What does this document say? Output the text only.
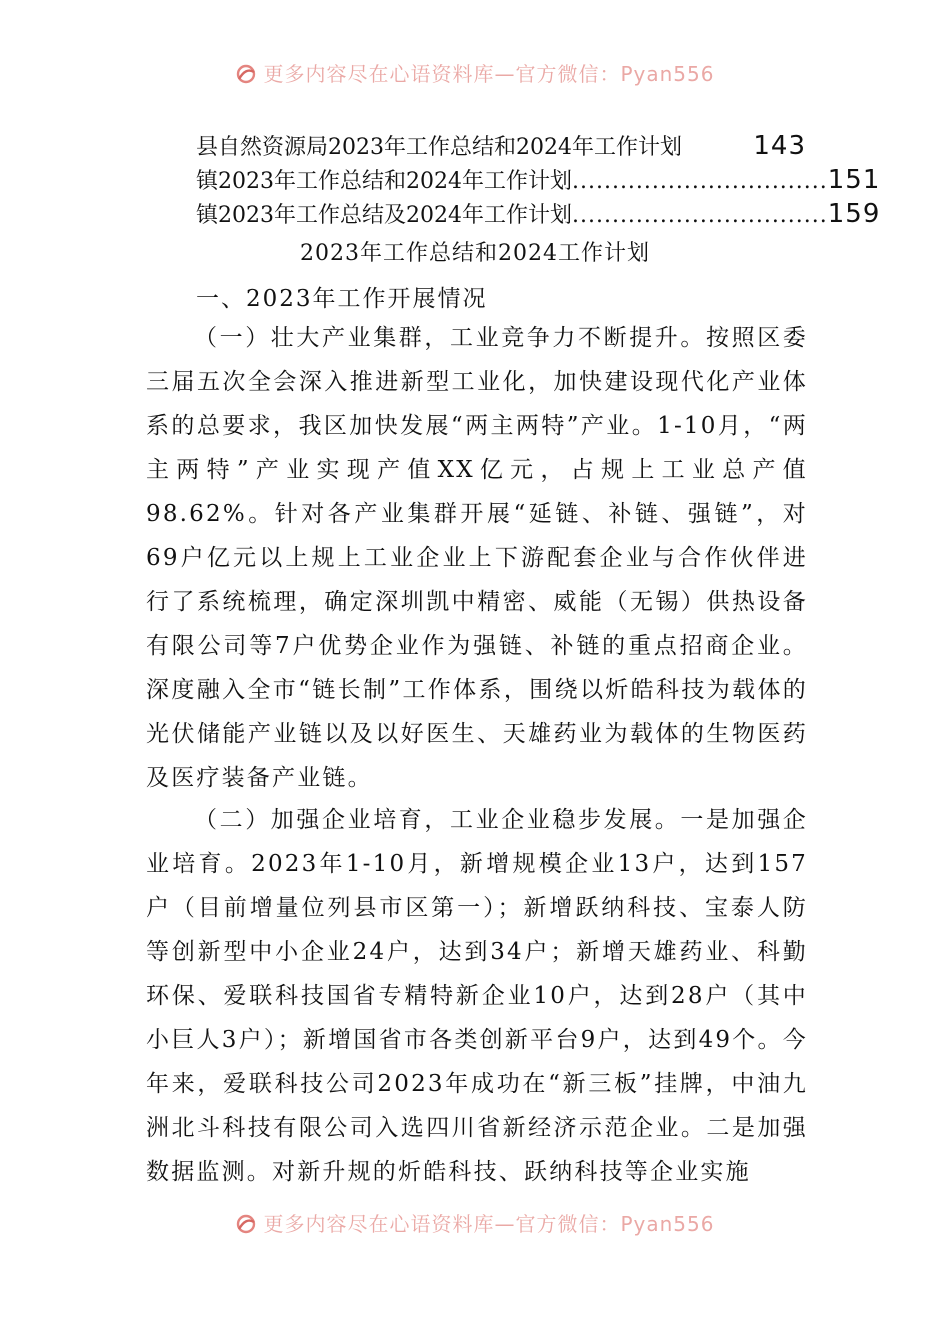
更多内容尽在心语资料库—官方微信：Pyan556
县自然资源局2023年工作总结和2024年工作计划	143
镇2023年工作总结和2024年工作计划 ................................ 151
镇2023年工作总结及2024年工作计划 ................................ 159
2023年工作总结和2024工作计划
一、2023年工作开展情况

（一）壮大产业集群，工业竞争力不断提升。按照区委三届五次全会深入推进新型工业化，加快建设现代化产业体系的总要求，我区加快发展“两主两特”产业。1-10月，“两主两特”产业实现产值XX亿元，占规上工业总产值98.62%。针对各产业集群开展“延链、补链、强链”，对69户亿元以上规上工业企业上下游配套企业与合作伙伴进行了系统梳理，确定深圳凯中精密、威能（无锡）供热设备有限公司等7户优势企业作为强链、补链的重点招商企业。深度融入全市“链长制”工作体系，围绕以炘皓科技为载体的光伏储能产业链以及以好医生、天雄药业为载体的生物医药及医疗装备产业链。

（二）加强企业培育，工业企业稳步发展。一是加强企业培育。2023年1-10月，新增规模企业13户，达到157户（目前增量位列县市区第一）；新增跃纳科技、宝泰人防等创新型中小企业24户，达到34户；新增天雄药业、科勤环保、爱联科技国省专精特新企业10户，达到28户（其中小巨人3户）；新增国省市各类创新平台9户，达到49个。今年来，爱联科技公司2023年成功在“新三板”挂牌，中油九洲北斗科技有限公司入选四川省新经济示范企业。二是加强数据监测。对新升规的炘皓科技、跃纳科技等企业实施

更多内容尽在心语资料库—官方微信：Pyan556
